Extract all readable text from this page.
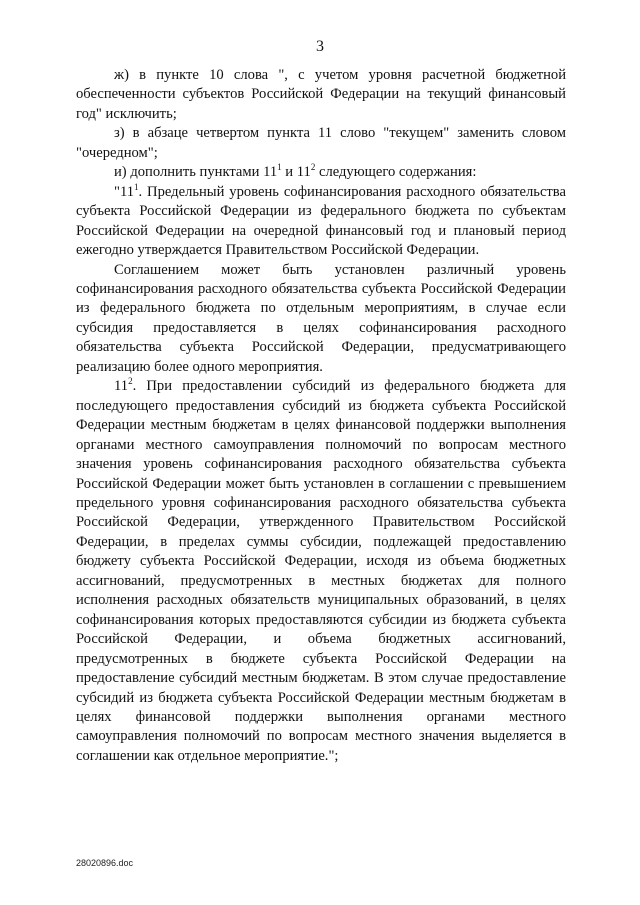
3

ж) в пункте 10 слова ", с учетом уровня расчетной бюджетной обеспеченности субъектов Российской Федерации на текущий финансовый год" исключить;

з) в абзаце четвертом пункта 11 слово "текущем" заменить словом "очередном";

и) дополнить пунктами $11^1$ и $11^2$ следующего содержания:

"$11^1$. Предельный уровень софинансирования расходного обязательства субъекта Российской Федерации из федерального бюджета по субъектам Российской Федерации на очередной финансовый год и плановый период ежегодно утверждается Правительством Российской Федерации.

Соглашением может быть установлен различный уровень софинансирования расходного обязательства субъекта Российской Федерации из федерального бюджета по отдельным мероприятиям, в случае если субсидия предоставляется в целях софинансирования расходного обязательства субъекта Российской Федерации, предусматривающего реализацию более одного мероприятия.

$11^2$. При предоставлении субсидий из федерального бюджета для последующего предоставления субсидий из бюджета субъекта Российской Федерации местным бюджетам в целях финансовой поддержки выполнения органами местного самоуправления полномочий по вопросам местного значения уровень софинансирования расходного обязательства субъекта Российской Федерации может быть установлен в соглашении с превышением предельного уровня софинансирования расходного обязательства субъекта Российской Федерации, утвержденного Правительством Российской Федерации, в пределах суммы субсидии, подлежащей предоставлению бюджету субъекта Российской Федерации, исходя из объема бюджетных ассигнований, предусмотренных в местных бюджетах для полного исполнения расходных обязательств муниципальных образований, в целях софинансирования которых предоставляются субсидии из бюджета субъекта Российской Федерации, и объема бюджетных ассигнований, предусмотренных в бюджете субъекта Российской Федерации на предоставление субсидий местным бюджетам. В этом случае предоставление субсидий из бюджета субъекта Российской Федерации местным бюджетам в целях финансовой поддержки выполнения органами местного самоуправления полномочий по вопросам местного значения выделяется в соглашении как отдельное мероприятие.";

28020896.doc
